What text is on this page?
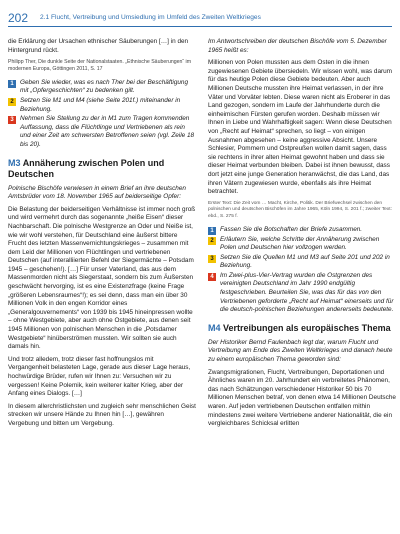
202 2.1 Flucht, Vertreibung und Umsiedlung im Umfeld des Zweiten Weltkrieges

die Erklärung der Ursachen ethnischer Säuberungen […] in den Hintergrund rückt.

Philipp Ther, Die dunkle Seite der Nationalstaaten. „Ethnische Säuberungen“ im modernen Europa, Göttingen 2011, S. 17

1 Geben Sie wieder, was es nach Ther bei der Beschäftigung mit „Opfergeschichten“ zu bedenken gilt.
2 Setzen Sie M1 und M4 (siehe Seite 201f.) miteinander in Beziehung.
3 Nehmen Sie Stellung zu der in M1 zum Tragen kommenden Auffassung, dass die Flüchtlinge und Vertriebenen als rein und einer Zeit am schwersten Betroffenen seien (vgl. Zeile 18 bis 20).
M3 Annäherung zwischen Polen und Deutschen

Polnische Bischöfe verwiesen in einem Brief an ihre deutschen Amtsbrüder vom 18. November 1965 auf beiderseitige Opfer:

Die Belastung der beiderseitigen Verhältnisse ist immer noch groß und wird vermehrt durch das sogenannte „heiße Eisen“ dieser Nachbarschaft. Die polnische Westgrenze an Oder und Neiße ist, wie wir wohl verstehen, für Deutschland eine äußerst bittere Frucht des letzten Massenvernichtungskrieges – zusammen mit dem Leid der Millionen von Flüchtlingen und vertriebenen Deutschen (auf interalliierten Befehl der Siegermächte – Potsdam 1945 – geschehen!). […] Für unser Vaterland, das aus dem Massenmorden nicht als Siegerstaat, sondern bis zum Äußersten geschwächt hervorging, ist es eine Existenzfrage (keine Frage „größeren Lebensraumes“!); es sei denn, dass man ein über 30 Millionen Volk in den engen Korridor eines „Generalgouvernements“ von 1939 bis 1945 hineinpressen wollte – ohne Westgebiete, aber auch ohne Ostgebiete, aus denen seit 1945 Millionen von polnischen Menschen in die „Potsdamer Westgebiete“ hinüberströmen mussten. Wir sollten sie auch damals hin.

Und trotz alledem, trotz dieser fast hoffnungslos mit Vergangenheit belasteten Lage, gerade aus dieser Lage heraus, hochwürdige Brüder, rufen wir Ihnen zu: Versuchen wir zu vergessen! Keine Polemik, kein weiterer kalter Krieg, aber der Anfang eines Dialogs. […]

In diesem allerchristlichsten und zugleich sehr menschlichen Geist strecken wir unsere Hände zu Ihnen hin […], gewähren Vergebung und bitten um Vergebung.

Im Antwortschreiben der deutschen Bischöfe vom 5. Dezember 1965 heißt es:

Millionen von Polen mussten aus dem Osten in die ihnen zugewiesenen Gebiete übersiedeln. Wir wissen wohl, was darum für das heutige Polen diese Gebiete bedeuten. Aber auch Millionen Deutsche mussten ihre Heimat verlassen, in der ihre Väter und Vorväter lebten. Diese waren nicht als Eroberer in das Land gezogen, sondern im Laufe der Jahrhunderte durch die einheimischen Fürsten gerufen worden. Deshalb müssen wir Ihnen in Liebe und Wahrhaftigkeit sagen: Wenn diese Deutschen von „Recht auf Heimat“ sprechen, so liegt – von einigen Ausnahmen abgesehen – keine aggressive Absicht. Unsere Schlesier, Pommern und Ostpreußen wollen damit sagen, dass sie rechtens in ihrer alten Heimat gewohnt haben und dass sie dieser Heimat verbunden bleiben. Dabei ist ihnen bewusst, dass dort jetzt eine junge Generation heranwächst, die das Land, das ihren Vätern zugewiesen wurde, ebenfalls als ihre Heimat betrachtet.

Erster Text: Die Zeit vom … Macht, Kirche, Politik. Der Briefwechsel zwischen den polnischen und deutschen Bischöfen im Jahre 1965, Köln 1994, S. 201 f.; zweiter Text: ebd., S. 275 f.

1 Fassen Sie die Botschaften der Briefe zusammen.
2 Erläutern Sie, welche Schritte der Annäherung zwischen Polen und Deutschen hier vollzogen werden.
3 Setzen Sie die Quellen M1 und M3 auf Seite 201 und 202 in Beziehung.
4 Im Zwei-plus-Vier-Vertrag wurden die Ostgrenzen des vereinigten Deutschland im Jahr 1990 endgültig festgeschrieben. Beurteilen Sie, was das für das von den Vertriebenen geforderte „Recht auf Heimat“ einerseits und für die deutsch-polnischen Beziehungen andererseits bedeutete.
M4 Vertreibungen als europäisches Thema

Der Historiker Bernd Faulenbach legt dar, warum Flucht und Vertreibung am Ende des Zweiten Weltkrieges und danach heute zu einem europäischen Thema geworden sind:

Zwangsmigrationen, Flucht, Vertreibungen, Deportationen und Ähnliches waren im 20. Jahrhundert ein verbreitetes Phänomen, das nach Schätzungen verschiedener Historiker 50 bis 70 Millionen Menschen betraf, von denen etwa 14 Millionen Deutsche waren. Auf jeden vertriebenen Deutschen entfallen mithin mindestens zwei weitere Vertriebene anderer Nationalität, die ein vergleichbares Schicksal erlitten
